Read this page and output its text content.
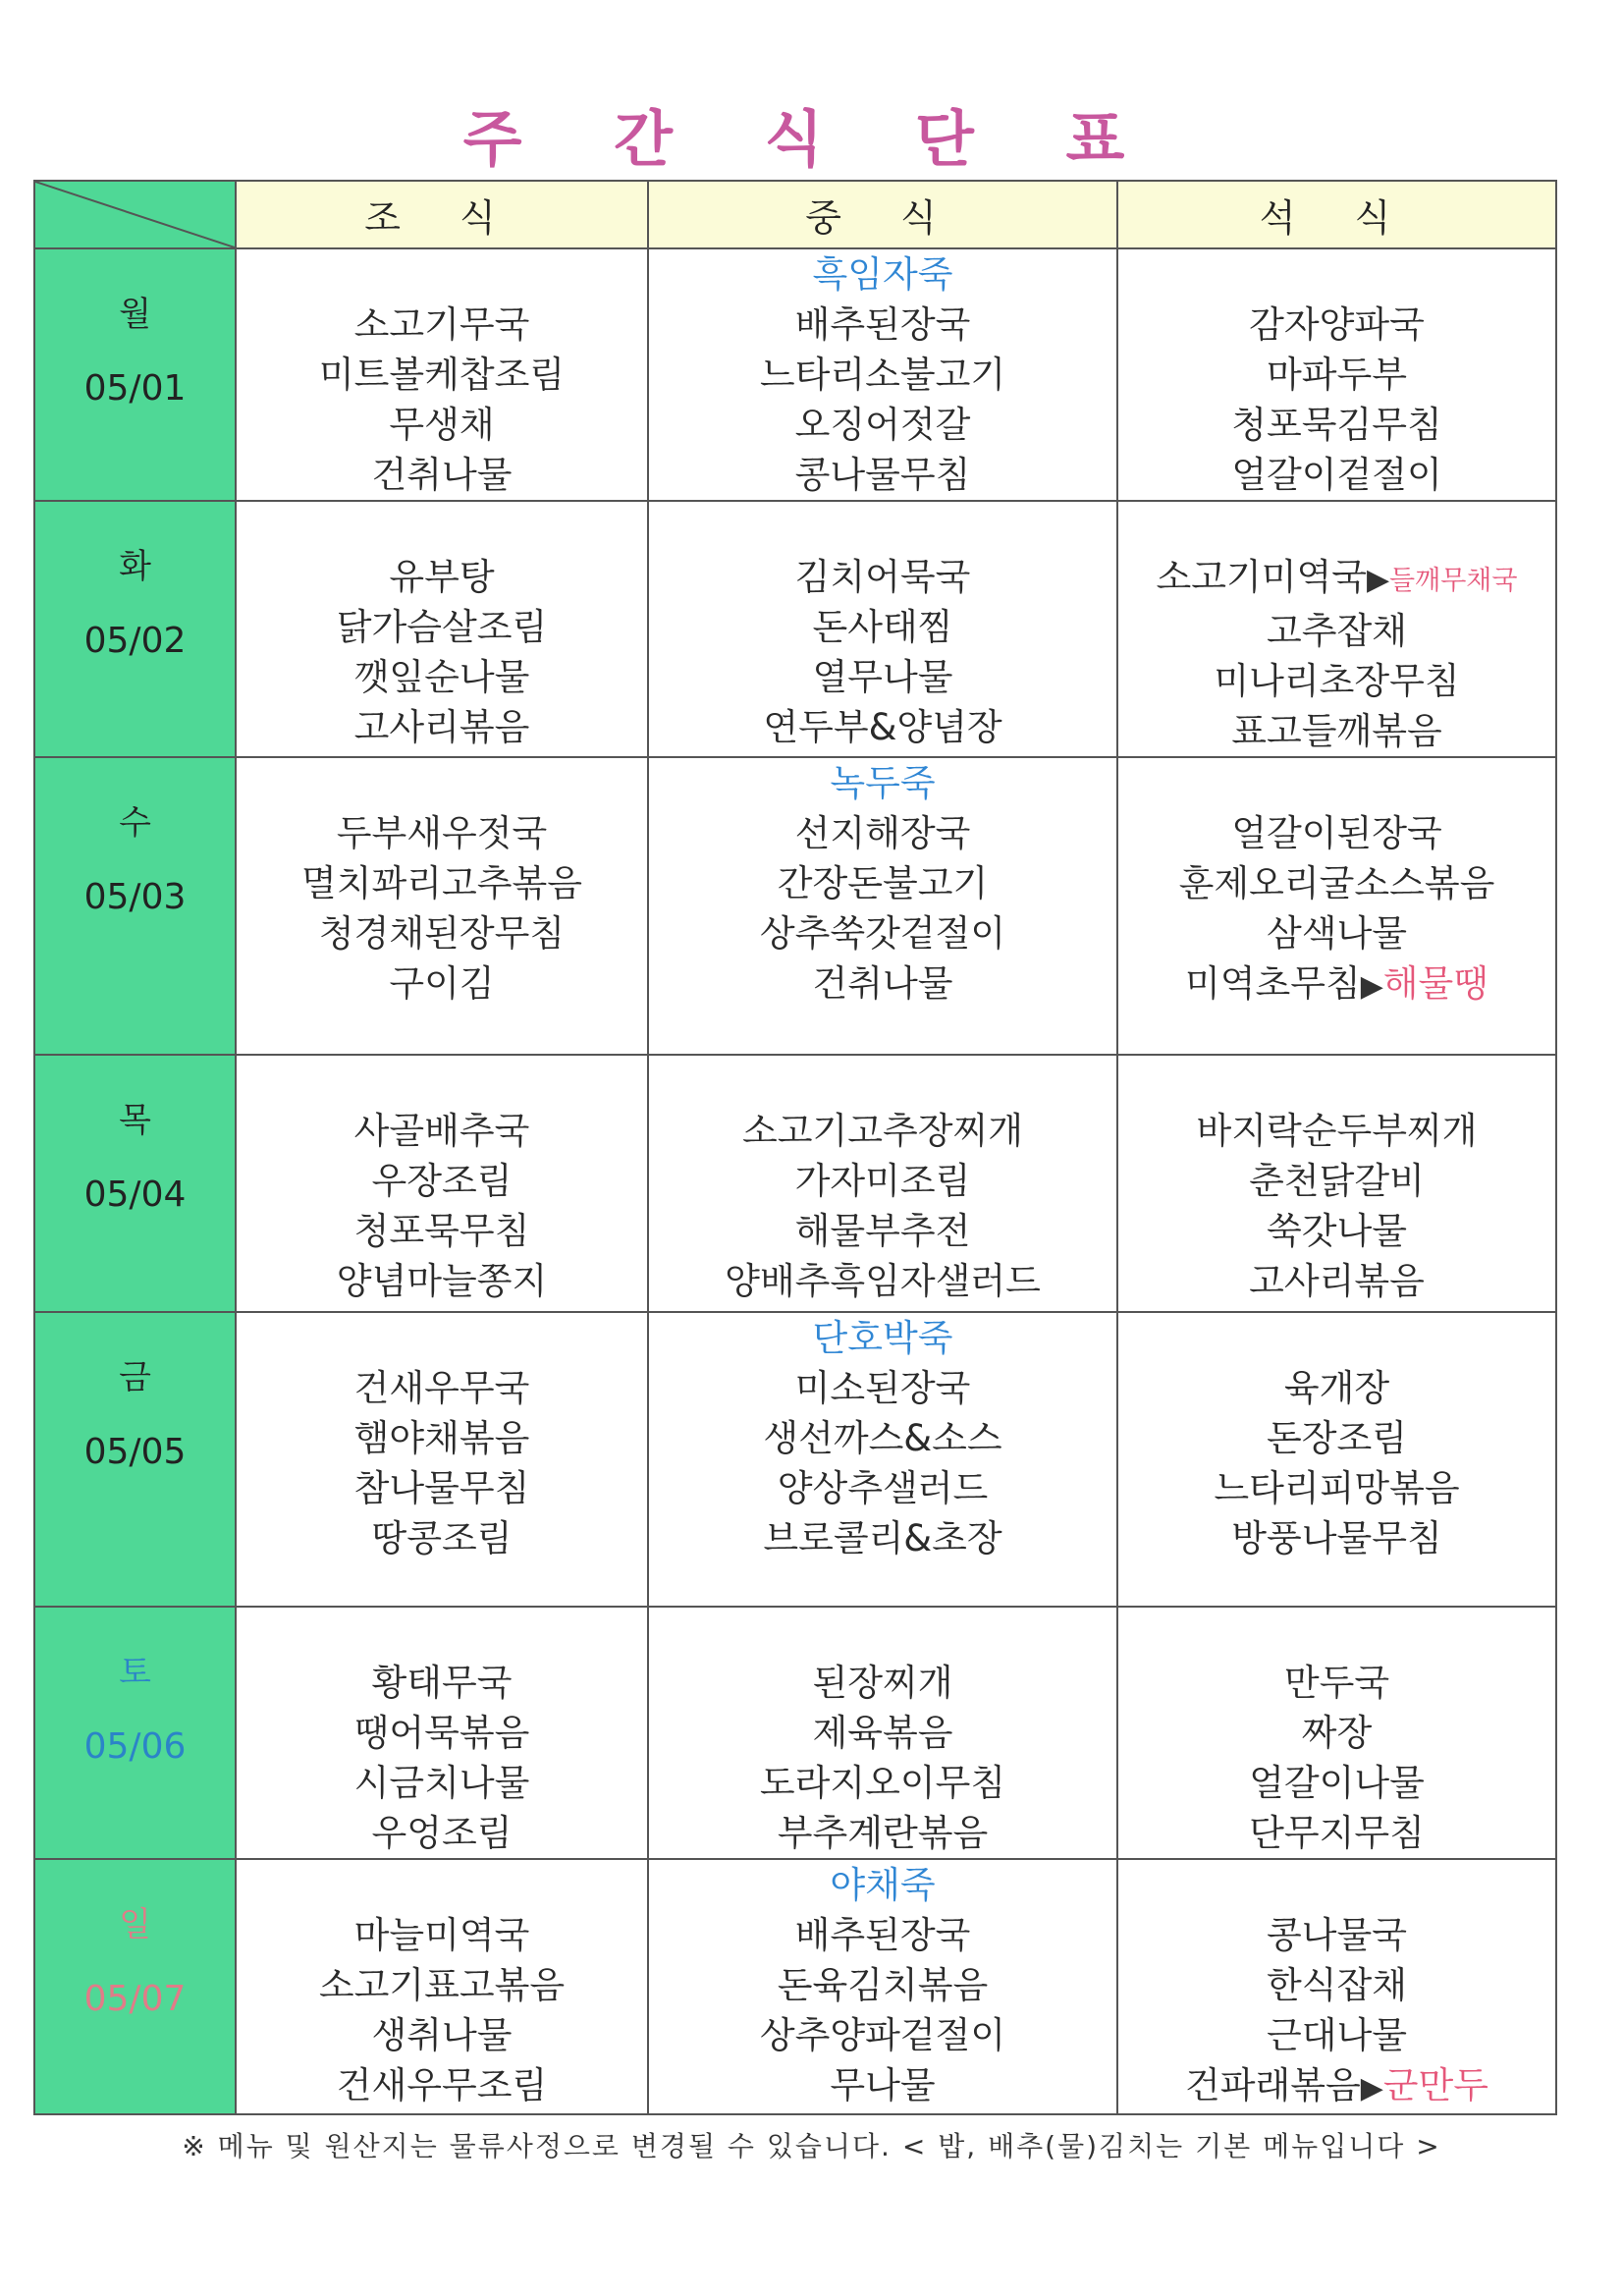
주 간 식 단 표
	조 식	중 식	석 식

월
05/01	소고기무국
미트볼케찹조림
무생채
건취나물	흑임자죽
배추된장국
느타리소불고기
오징어젓갈
콩나물무침	감자양파국
마파두부
청포묵김무침
얼갈이겉절이

화
05/02	유부탕
닭가슴살조림
깻잎순나물
고사리볶음	김치어묵국
돈사태찜
열무나물
연두부&양념장	소고기미역국▶들깨무채국
고추잡채
미나리초장무침
표고들깨볶음

수
05/03	두부새우젓국
멸치꽈리고추볶음
청경채된장무침
구이김	녹두죽
선지해장국
간장돈불고기
상추쑥갓겉절이
건취나물	얼갈이된장국
훈제오리굴소스볶음
삼색나물
미역초무침▶해물땡

목
05/04	사골배추국
우장조림
청포묵무침
양념마늘쫑지	소고기고추장찌개
가자미조림
해물부추전
양배추흑임자샐러드	바지락순두부찌개
춘천닭갈비
쑥갓나물
고사리볶음

금
05/05	건새우무국
햄야채볶음
참나물무침
땅콩조림	단호박죽
미소된장국
생선까스&소스
양상추샐러드
브로콜리&초장	육개장
돈장조림
느타리피망볶음
방풍나물무침

토
05/06	황태무국
땡어묵볶음
시금치나물
우엉조림	된장찌개
제육볶음
도라지오이무침
부추계란볶음	만두국
짜장
얼갈이나물
단무지무침

일
05/07	마늘미역국
소고기표고볶음
생취나물
건새우무조림	야채죽
배추된장국
돈육김치볶음
상추양파겉절이
무나물	콩나물국
한식잡채
근대나물
건파래볶음▶군만두
※ 메뉴 및 원산지는 물류사정으로 변경될 수 있습니다. < 밥, 배추(물)김치는 기본 메뉴입니다 >
